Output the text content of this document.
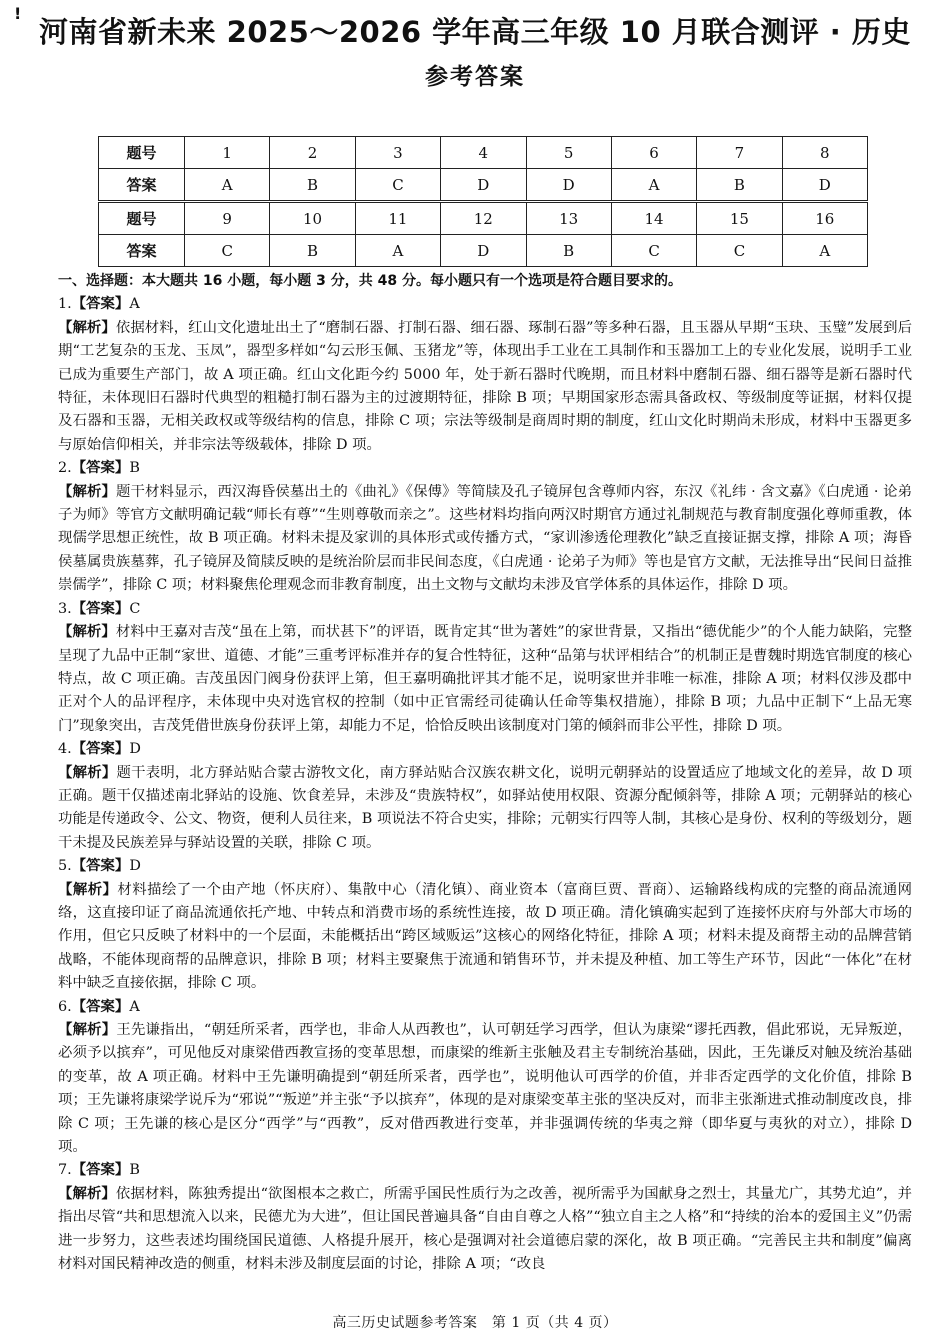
!
河南省新未来 2025～2026 学年高三年级 10 月联合测评 · 历史
参考答案
题号	1	2	3	4	5	6	7	8
答案	A	B	C	D	D	A	B	D
题号	9	10	11	12	13	14	15	16
答案	C	B	A	D	B	C	C	A
一、选择题：本大题共 16 小题，每小题 3 分，共 48 分。每小题只有一个选项是符合题目要求的。

1.【答案】A

【解析】依据材料，红山文化遗址出土了“磨制石器、打制石器、细石器、琢制石器”等多种石器，且玉器从早期“玉玦、玉璧”发展到后期“工艺复杂的玉龙、玉凤”，器型多样如“勾云形玉佩、玉猪龙”等，体现出手工业在工具制作和玉器加工上的专业化发展，说明手工业已成为重要生产部门，故 A 项正确。红山文化距今约 5000 年，处于新石器时代晚期，而且材料中磨制石器、细石器等是新石器时代特征，未体现旧石器时代典型的粗糙打制石器为主的过渡期特征，排除 B 项；早期国家形态需具备政权、等级制度等证据，材料仅提及石器和玉器，无相关政权或等级结构的信息，排除 C 项；宗法等级制是商周时期的制度，红山文化时期尚未形成，材料中玉器更多与原始信仰相关，并非宗法等级载体，排除 D 项。

2.【答案】B

【解析】题干材料显示，西汉海昏侯墓出土的《曲礼》《保傅》等简牍及孔子镜屏包含尊师内容，东汉《礼纬 · 含文嘉》《白虎通 · 论弟子为师》等官方文献明确记载“师长有尊”“生则尊敬而亲之”。这些材料均指向两汉时期官方通过礼制规范与教育制度强化尊师重教，体现儒学思想正统性，故 B 项正确。材料未提及家训的具体形式或传播方式，“家训渗透伦理教化”缺乏直接证据支撑，排除 A 项；海昏侯墓属贵族墓葬，孔子镜屏及简牍反映的是统治阶层而非民间态度，《白虎通 · 论弟子为师》等也是官方文献，无法推导出“民间日益推崇儒学”，排除 C 项；材料聚焦伦理观念而非教育制度，出土文物与文献均未涉及官学体系的具体运作，排除 D 项。

3.【答案】C

【解析】材料中王嘉对吉茂“虽在上第，而状甚下”的评语，既肯定其“世为著姓”的家世背景，又指出“德优能少”的个人能力缺陷，完整呈现了九品中正制“家世、道德、才能”三重考评标准并存的复合性特征，这种“品第与状评相结合”的机制正是曹魏时期选官制度的核心特点，故 C 项正确。吉茂虽因门阀身份获评上第，但王嘉明确批评其才能不足，说明家世并非唯一标准，排除 A 项；材料仅涉及郡中正对个人的品评程序，未体现中央对选官权的控制（如中正官需经司徒确认任命等集权措施），排除 B 项；九品中正制下“上品无寒门”现象突出，吉茂凭借世族身份获评上第，却能力不足，恰恰反映出该制度对门第的倾斜而非公平性，排除 D 项。

4.【答案】D

【解析】题干表明，北方驿站贴合蒙古游牧文化，南方驿站贴合汉族农耕文化，说明元朝驿站的设置适应了地域文化的差异，故 D 项正确。题干仅描述南北驿站的设施、饮食差异，未涉及“贵族特权”，如驿站使用权限、资源分配倾斜等，排除 A 项；元朝驿站的核心功能是传递政令、公文、物资，便利人员往来，B 项说法不符合史实，排除；元朝实行四等人制，其核心是身份、权利的等级划分，题干未提及民族差异与驿站设置的关联，排除 C 项。

5.【答案】D

【解析】材料描绘了一个由产地（怀庆府）、集散中心（清化镇）、商业资本（富商巨贾、晋商）、运输路线构成的完整的商品流通网络，这直接印证了商品流通依托产地、中转点和消费市场的系统性连接，故 D 项正确。清化镇确实起到了连接怀庆府与外部大市场的作用，但它只反映了材料中的一个层面，未能概括出“跨区域贩运”这核心的网络化特征，排除 A 项；材料未提及商帮主动的品牌营销战略，不能体现商帮的品牌意识，排除 B 项；材料主要聚焦于流通和销售环节，并未提及种植、加工等生产环节，因此“一体化”在材料中缺乏直接依据，排除 C 项。

6.【答案】A

【解析】王先谦指出，“朝廷所采者，西学也，非命人从西教也”，认可朝廷学习西学，但认为康梁“谬托西教，倡此邪说，无异叛逆，必须予以摈弃”，可见他反对康梁借西教宣扬的变革思想，而康梁的维新主张触及君主专制统治基础，因此，王先谦反对触及统治基础的变革，故 A 项正确。材料中王先谦明确提到“朝廷所采者，西学也”，说明他认可西学的价值，并非否定西学的文化价值，排除 B 项；王先谦将康梁学说斥为“邪说”“叛逆”并主张“予以摈弃”，体现的是对康梁变革主张的坚决反对，而非主张渐进式推动制度改良，排除 C 项；王先谦的核心是区分“西学”与“西教”，反对借西教进行变革，并非强调传统的华夷之辩（即华夏与夷狄的对立），排除 D 项。

7.【答案】B

【解析】依据材料，陈独秀提出“欲图根本之救亡，所需乎国民性质行为之改善，视所需乎为国献身之烈士，其量尤广，其势尤迫”，并指出尽管“共和思想流入以来，民德尤为大进”，但让国民普遍具备“自由自尊之人格”“独立自主之人格”和“持续的治本的爱国主义”仍需进一步努力，这些表述均围绕国民道德、人格提升展开，核心是强调对社会道德启蒙的深化，故 B 项正确。“完善民主共和制度”偏离材料对国民精神改造的侧重，材料未涉及制度层面的讨论，排除 A 项；“改良

高三历史试题参考答案　第 1 页（共 4 页）
